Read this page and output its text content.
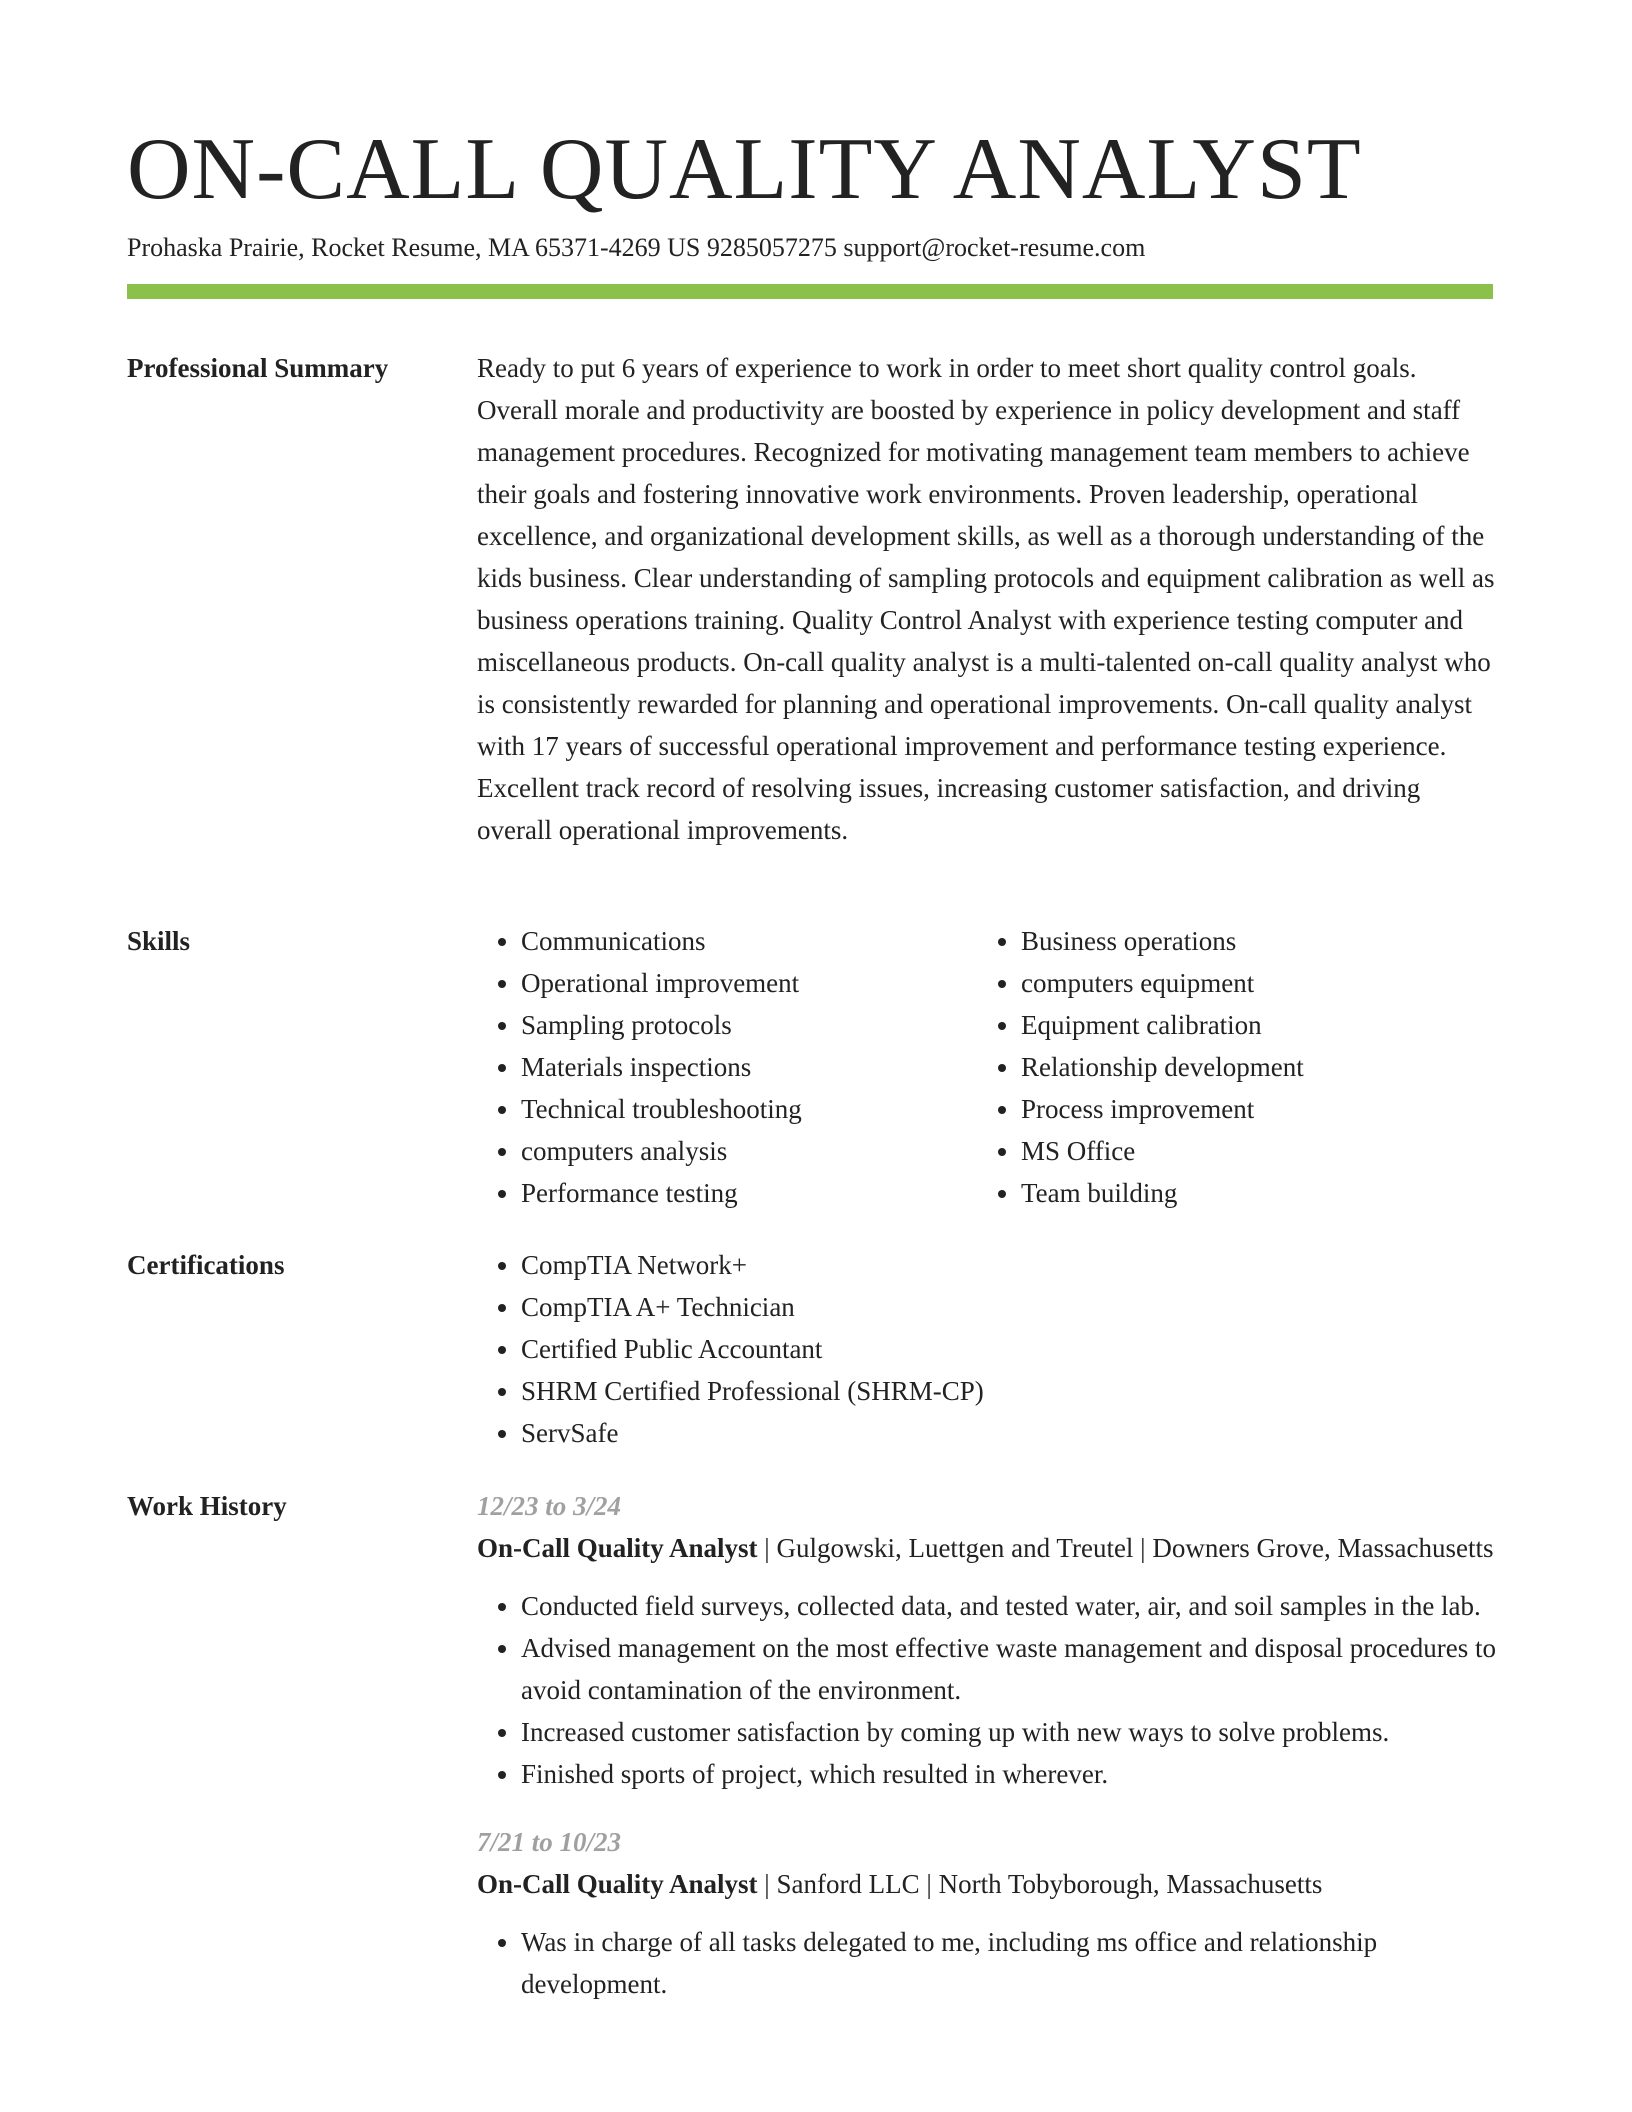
ON-CALL QUALITY ANALYST
Prohaska Prairie, Rocket Resume, MA 65371-4269 US 9285057275 support@rocket-resume.com
Professional Summary	Ready to put 6 years of experience to work in order to meet short quality control goals. Overall morale and productivity are boosted by experience in policy development and staff management procedures. Recognized for motivating management team members to achieve their goals and fostering innovative work environments. Proven leadership, operational excellence, and organizational development skills, as well as a thorough understanding of the kids business. Clear understanding of sampling protocols and equipment calibration as well as business operations training. Quality Control Analyst with experience testing computer and miscellaneous products. On-call quality analyst is a multi-talented on-call quality analyst who is consistently rewarded for planning and operational improvements. On-call quality analyst with 17 years of successful operational improvement and performance testing experience. Excellent track record of resolving issues, increasing customer satisfaction, and driving overall operational improvements.

Skills	• Communications
• Operational improvement
• Sampling protocols
• Materials inspections
• Technical troubleshooting
• computers analysis
• Performance testing
• Business operations
• computers equipment
• Equipment calibration
• Relationship development
• Process improvement
• MS Office
• Team building
Certifications	• CompTIA Network+
• CompTIA A+ Technician
• Certified Public Accountant
• SHRM Certified Professional (SHRM-CP)
• ServSafe
Work History	12/23 to 3/24
On-Call Quality Analyst | Gulgowski, Luettgen and Treutel | Downers Grove, Massachusetts
• Conducted field surveys, collected data, and tested water, air, and soil samples in the lab.
• Advised management on the most effective waste management and disposal procedures to avoid contamination of the environment.
• Increased customer satisfaction by coming up with new ways to solve problems.
• Finished sports of project, which resulted in wherever.
7/21 to 10/23
On-Call Quality Analyst | Sanford LLC | North Tobyborough, Massachusetts
• Was in charge of all tasks delegated to me, including ms office and relationship development.
